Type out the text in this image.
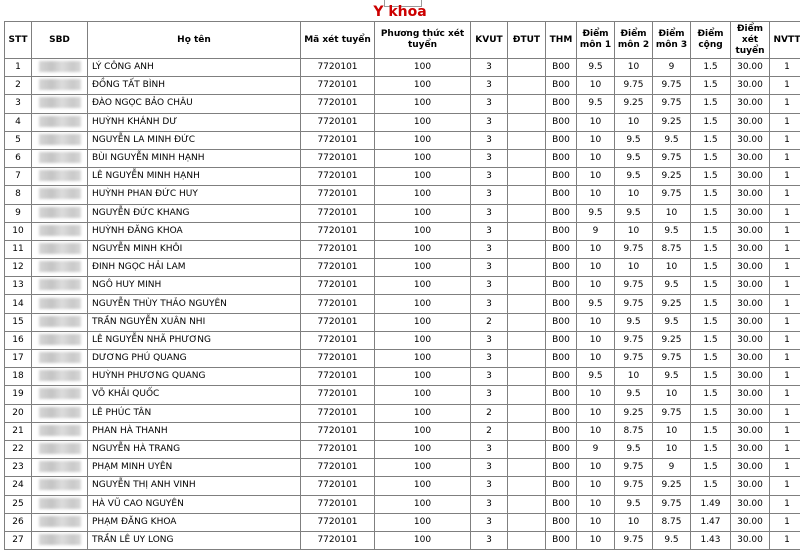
Y khoa
STT	SBD	Họ tên	Mã xét tuyển	Phương thức xét tuyển	KVUT	ĐTUT	THM	Điểm môn 1	Điểm môn 2	Điểm môn 3	Điểm cộng	Điểm xét tuyển	NVTT
1		LÝ CÔNG ANH	7720101	100	3		B00	9.5	10	9	1.5	30.00	1
2		ĐỒNG TẤT BÌNH	7720101	100	3		B00	10	9.75	9.75	1.5	30.00	1
3		ĐÀO NGỌC BẢO CHÂU	7720101	100	3		B00	9.5	9.25	9.75	1.5	30.00	1
4		HUỲNH KHÁNH DƯ	7720101	100	3		B00	10	10	9.25	1.5	30.00	1
5		NGUYỄN LA MINH ĐỨC	7720101	100	3		B00	10	9.5	9.5	1.5	30.00	1
6		BÙI NGUYỄN MINH HẠNH	7720101	100	3		B00	10	9.5	9.75	1.5	30.00	1
7		LÊ NGUYỄN MINH HẠNH	7720101	100	3		B00	10	9.5	9.25	1.5	30.00	1
8		HUỲNH PHAN ĐỨC HUY	7720101	100	3		B00	10	10	9.75	1.5	30.00	1
9		NGUYỄN ĐỨC KHANG	7720101	100	3		B00	9.5	9.5	10	1.5	30.00	1
10		HUỲNH ĐĂNG KHOA	7720101	100	3		B00	9	10	9.5	1.5	30.00	1
11		NGUYỄN MINH KHÔI	7720101	100	3		B00	10	9.75	8.75	1.5	30.00	1
12		ĐINH NGỌC HẢI LAM	7720101	100	3		B00	10	10	10	1.5	30.00	1
13		NGÔ HUY MINH	7720101	100	3		B00	10	9.75	9.5	1.5	30.00	1
14		NGUYỄN THÙY THẢO NGUYÊN	7720101	100	3		B00	9.5	9.75	9.25	1.5	30.00	1
15		TRẦN NGUYỄN XUÂN NHI	7720101	100	2		B00	10	9.5	9.5	1.5	30.00	1
16		LÊ NGUYỄN NHÃ PHƯƠNG	7720101	100	3		B00	10	9.75	9.25	1.5	30.00	1
17		DƯƠNG PHÚ QUANG	7720101	100	3		B00	10	9.75	9.75	1.5	30.00	1
18		HUỲNH PHƯƠNG QUANG	7720101	100	3		B00	9.5	10	9.5	1.5	30.00	1
19		VÕ KHẢI QUỐC	7720101	100	3		B00	10	9.5	10	1.5	30.00	1
20		LÊ PHÚC TÂN	7720101	100	2		B00	10	9.25	9.75	1.5	30.00	1
21		PHAN HÀ THANH	7720101	100	2		B00	10	8.75	10	1.5	30.00	1
22		NGUYỄN HÀ TRANG	7720101	100	3		B00	9	9.5	10	1.5	30.00	1
23		PHẠM MINH UYÊN	7720101	100	3		B00	10	9.75	9	1.5	30.00	1
24		NGUYỄN THỊ ANH VINH	7720101	100	3		B00	10	9.75	9.25	1.5	30.00	1
25		HÀ VŨ CAO NGUYÊN	7720101	100	3		B00	10	9.5	9.75	1.49	30.00	1
26		PHẠM ĐĂNG KHOA	7720101	100	3		B00	10	10	8.75	1.47	30.00	1
27		TRẦN LÊ UY LONG	7720101	100	3		B00	10	9.75	9.5	1.43	30.00	1
